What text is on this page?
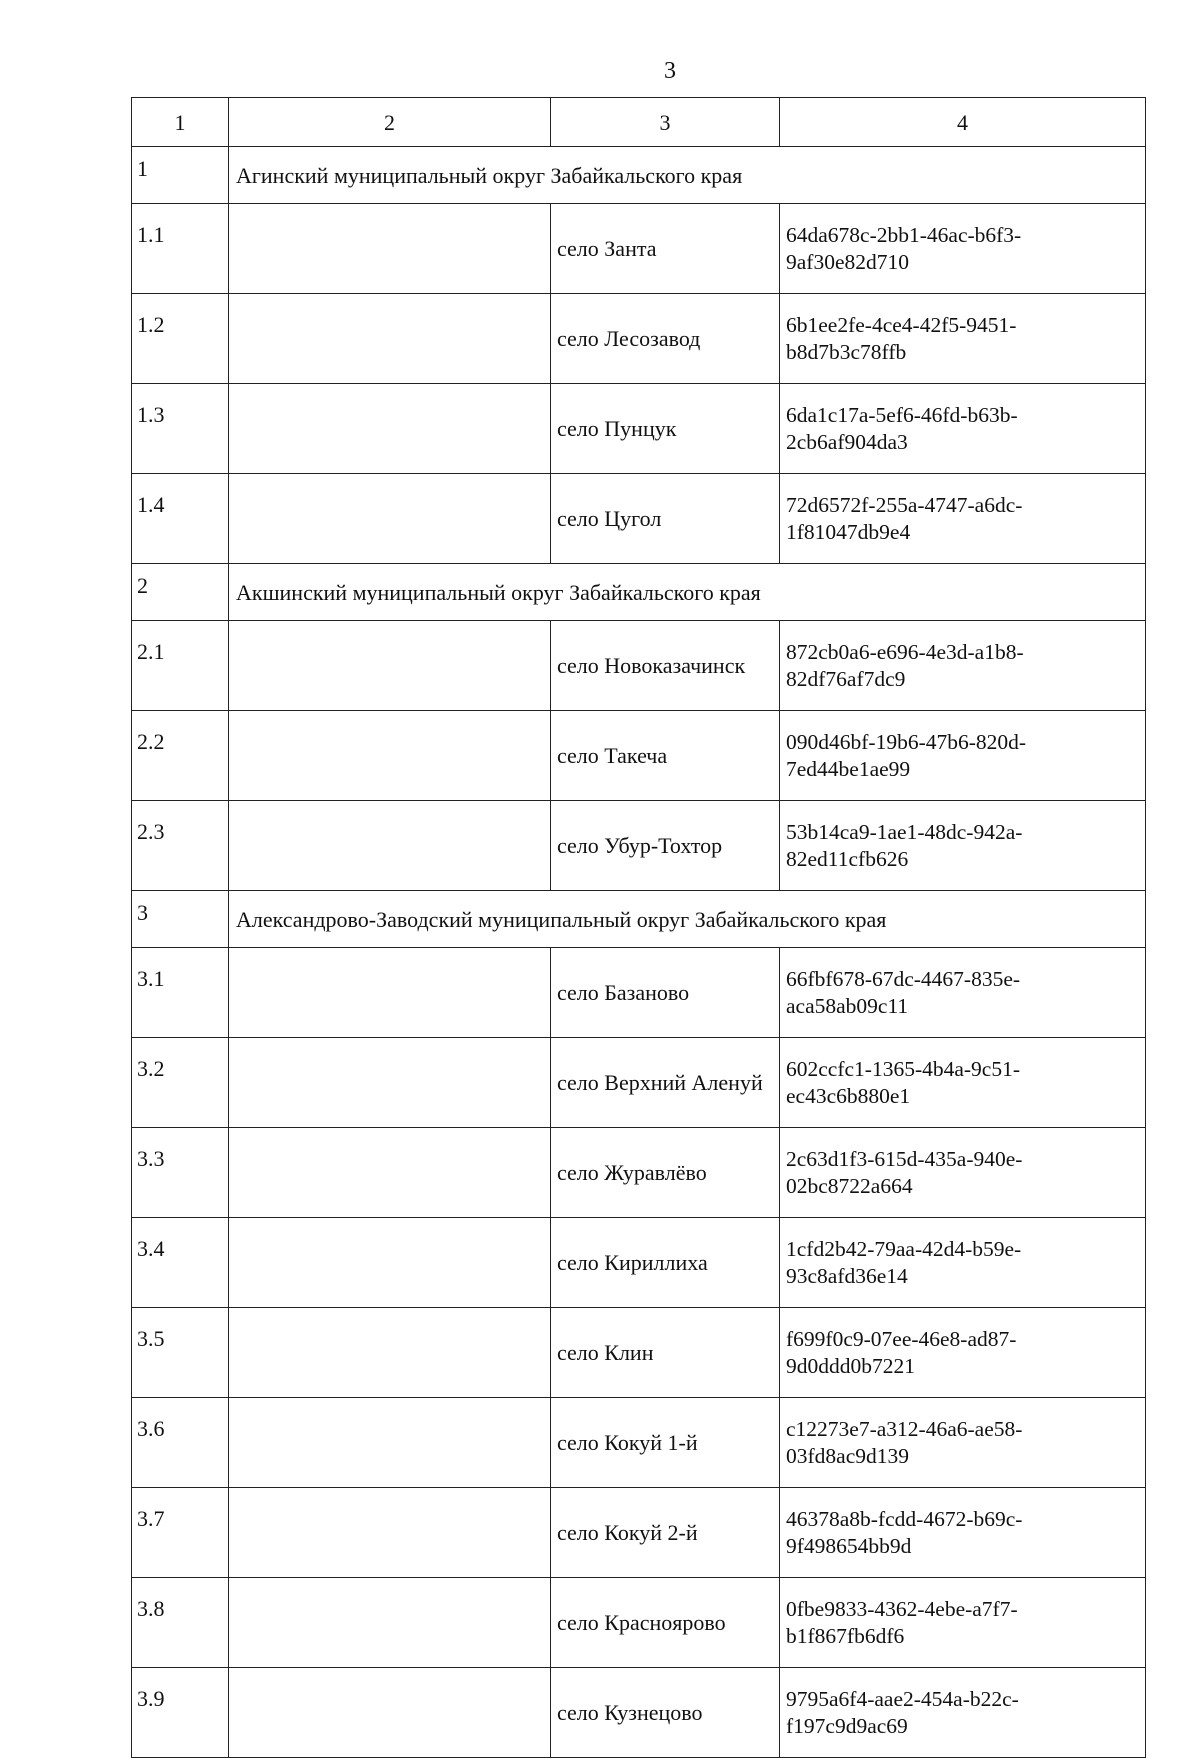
3
1	2	3	4
1	Агинский муниципальный округ Забайкальского края		
1.1		село Занта	64da678c-2bb1-46ac-b6f3-
9af30e82d710

1.2		село Лесозавод	6b1ee2fe-4ce4-42f5-9451-
b8d7b3c78ffb

1.3		село Пунцук	6da1c17a-5ef6-46fd-b63b-
2cb6af904da3

1.4		село Цугол	72d6572f-255a-4747-a6dc-
1f81047db9e4

2	Акшинский муниципальный округ Забайкальского края		
2.1		село Новоказачинск	872cb0a6-e696-4e3d-a1b8-
82df76af7dc9

2.2		село Такеча	090d46bf-19b6-47b6-820d-
7ed44be1ae99

2.3		село Убур-Тохтор	53b14ca9-1ae1-48dc-942a-
82ed11cfb626

3	Александрово-Заводский муниципальный округ Забайкальского края		
3.1		село Базаново	66fbf678-67dc-4467-835e-
aca58ab09c11

3.2		село Верхний Аленуй	602ccfc1-1365-4b4a-9c51-
ec43c6b880e1

3.3		село Журавлёво	2c63d1f3-615d-435a-940e-
02bc8722a664

3.4		село Кириллиха	1cfd2b42-79aa-42d4-b59e-
93c8afd36e14

3.5		село Клин	f699f0c9-07ee-46e8-ad87-
9d0ddd0b7221

3.6		село Кокуй 1-й	c12273e7-a312-46a6-ae58-
03fd8ac9d139

3.7		село Кокуй 2-й	46378a8b-fcdd-4672-b69c-
9f498654bb9d

3.8		село Краснoярово	0fbe9833-4362-4ebe-a7f7-
b1f867fb6df6

3.9		село Кузнецово	9795a6f4-aae2-454a-b22c-
f197c9d9ac69
